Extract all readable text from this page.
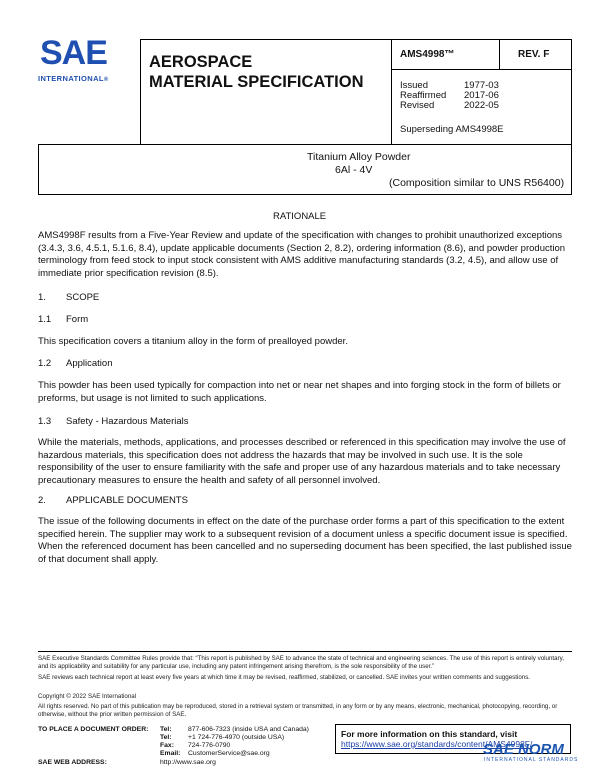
SAE
INTERNATIONAL®
AEROSPACE
MATERIAL SPECIFICATION
AMS4998™	REV. F
Issued	1977-03
Reaffirmed 2017-06
Revised	2022-05
Superseding AMS4998E
Titanium Alloy Powder
6Al - 4V
(Composition similar to UNS R56400)
RATIONALE
AMS4998F results from a Five-Year Review and update of the specification with changes to prohibit unauthorized exceptions (3.4.3, 3.6, 4.5.1, 5.1.6, 8.4), update applicable documents (Section 2, 8.2), ordering information (8.6), and powder production terminology from feed stock to input stock consistent with AMS additive manufacturing standards (3.2, 4.5), and allow use of immediate prior specification revision (8.5).
1. SCOPE
1.1 Form
This specification covers a titanium alloy in the form of prealloyed powder.
1.2 Application
This powder has been used typically for compaction into net or near net shapes and into forging stock in the form of billets or preforms, but usage is not limited to such applications.
1.3 Safety - Hazardous Materials
While the materials, methods, applications, and processes described or referenced in this specification may involve the use of hazardous materials, this specification does not address the hazards that may be involved in such use. It is the sole responsibility of the user to ensure familiarity with the safe and proper use of any hazardous materials and to take necessary precautionary measures to ensure the health and safety of all personnel involved.
2. APPLICABLE DOCUMENTS
The issue of the following documents in effect on the date of the purchase order forms a part of this specification to the extent specified herein. The supplier may work to a subsequent revision of a document unless a specific document issue is specified. When the referenced document has been cancelled and no superseding document has been specified, the last published issue of that document shall apply.
SAE Executive Standards Committee Rules provide that: “This report is published by SAE to advance the state of technical and engineering sciences. The use of this report is entirely voluntary, and its applicability and suitability for any particular use, including any patent infringement arising therefrom, is the sole responsibility of the user.”
SAE reviews each technical report at least every five years at which time it may be revised, reaffirmed, stabilized, or cancelled. SAE invites your written comments and suggestions.
Copyright © 2022 SAE International
All rights reserved. No part of this publication may be reproduced, stored in a retrieval system or transmitted, in any form or by any means, electronic, mechanical, photocopying, recording, or otherwise, without the prior written permission of SAE.
TO PLACE A DOCUMENT ORDER: Tel: 877-606-7323 (inside USA and Canada)
Tel: +1 724-776-4970 (outside USA)
Fax: 724-776-0790
Email: CustomerService@sae.org
SAE WEB ADDRESS:	http://www.sae.org
For more information on this standard, visit
https://www.sae.org/standards/content/AMS4998F/
SAE NORM
INTERNATIONAL STANDARDS
